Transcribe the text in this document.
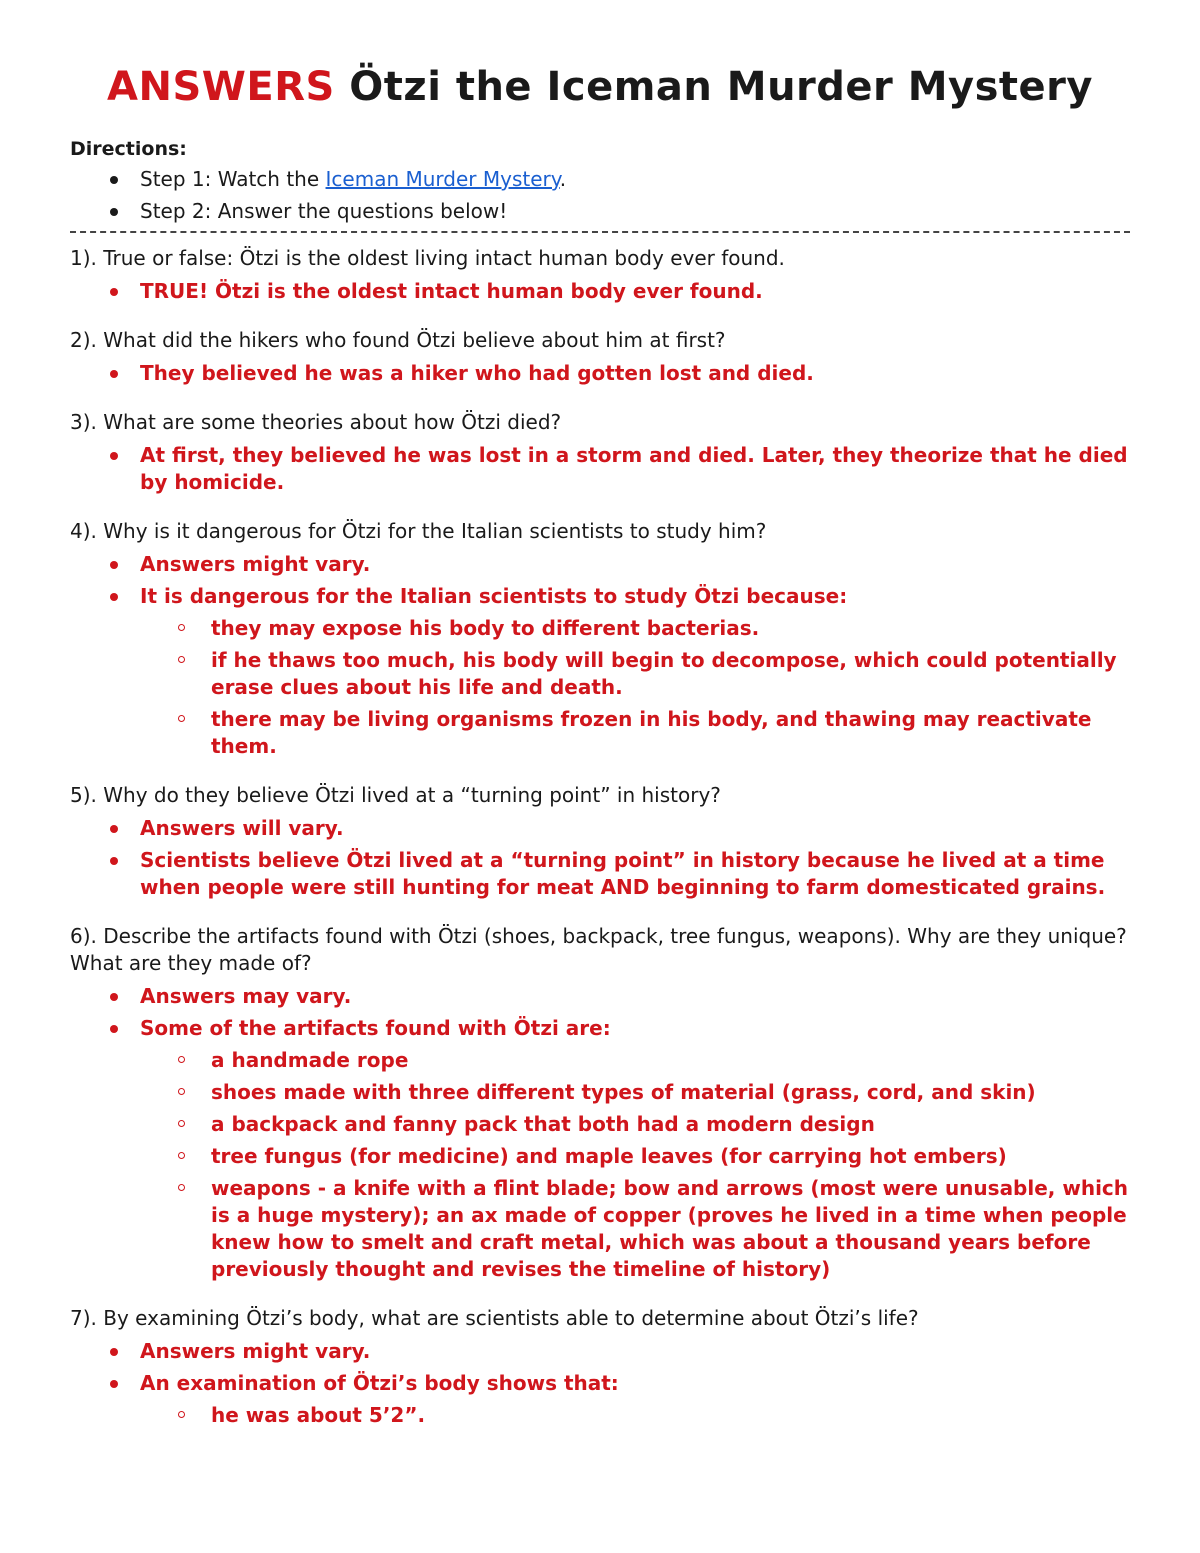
ANSWERS Ötzi the Iceman Murder Mystery
Directions:
Step 1: Watch the Iceman Murder Mystery.
Step 2: Answer the questions below!
1). True or false: Ötzi is the oldest living intact human body ever found.
TRUE! Ötzi is the oldest intact human body ever found.
2). What did the hikers who found Ötzi believe about him at first?
They believed he was a hiker who had gotten lost and died.
3). What are some theories about how Ötzi died?
At first, they believed he was lost in a storm and died. Later, they theorize that he died by homicide.
4). Why is it dangerous for Ötzi for the Italian scientists to study him?
Answers might vary.
It is dangerous for the Italian scientists to study Ötzi because:
they may expose his body to different bacterias.
if he thaws too much, his body will begin to decompose, which could potentially erase clues about his life and death.
there may be living organisms frozen in his body, and thawing may reactivate them.
5). Why do they believe Ötzi lived at a “turning point” in history?
Answers will vary.
Scientists believe Ötzi lived at a “turning point” in history because he lived at a time when people were still hunting for meat AND beginning to farm domesticated grains.
6). Describe the artifacts found with Ötzi (shoes, backpack, tree fungus, weapons). Why are they unique? What are they made of?
Answers may vary.
Some of the artifacts found with Ötzi are:
a handmade rope
shoes made with three different types of material (grass, cord, and skin)
a backpack and fanny pack that both had a modern design
tree fungus (for medicine) and maple leaves (for carrying hot embers)
weapons - a knife with a flint blade; bow and arrows (most were unusable, which is a huge mystery); an ax made of copper (proves he lived in a time when people knew how to smelt and craft metal, which was about a thousand years before previously thought and revises the timeline of history)
7). By examining Ötzi’s body, what are scientists able to determine about Ötzi’s life?
Answers might vary.
An examination of Ötzi’s body shows that:
he was about 5’2”.
